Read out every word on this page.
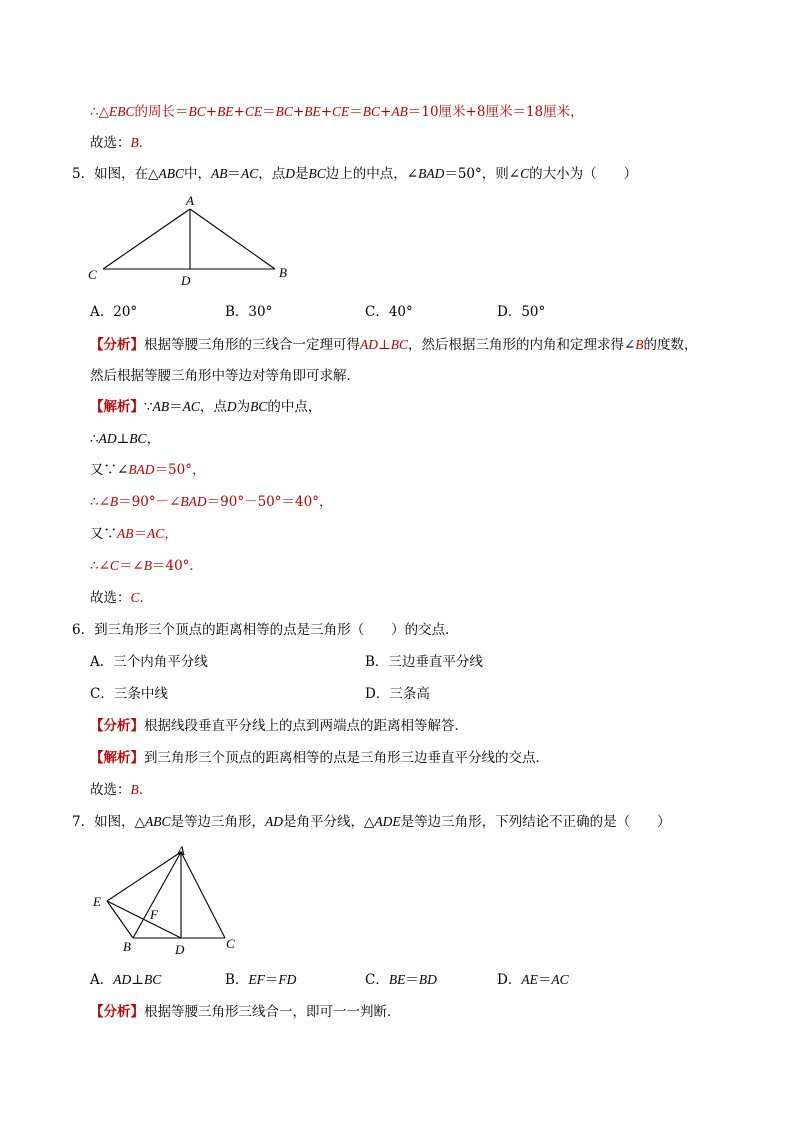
∴△EBC的周长＝BC+BE+CE＝BC+BE+CE＝BC+AB＝10厘米+8厘米＝18厘米，
故选：B．
5．如图，在△ABC中，AB＝AC，点D是BC边上的中点，∠BAD＝50°，则∠C的大小为（　　）
A
B
C	D
A．20°	B．30°	C．40°	D．50°
【分析】根据等腰三角形的三线合一定理可得AD⊥BC，然后根据三角形的内角和定理求得∠B的度数，
然后根据等腰三角形中等边对等角即可求解．
【解析】∵AB＝AC，点D为BC的中点，
∴AD⊥BC，
又∵∠BAD＝50°，
∴∠B＝90°－∠BAD＝90°－50°＝40°，
又∵AB＝AC，
∴∠C＝∠B＝40°．
故选：C．
6．到三角形三个顶点的距离相等的点是三角形（　　）的交点．
A．三个内角平分线	B．三边垂直平分线
C．三条中线	D．三条高
【分析】根据线段垂直平分线上的点到两端点的距离相等解答．
【解析】到三角形三个顶点的距离相等的点是三角形三边垂直平分线的交点．
故选：B．
7．如图，△ABC是等边三角形，AD是角平分线，△ADE是等边三角形，下列结论不正确的是（　　）
A
E
F
B	D	C
A．AD⊥BC	B．EF＝FD	C．BE＝BD	D．AE＝AC
【分析】根据等腰三角形三线合一，即可一一判断．
